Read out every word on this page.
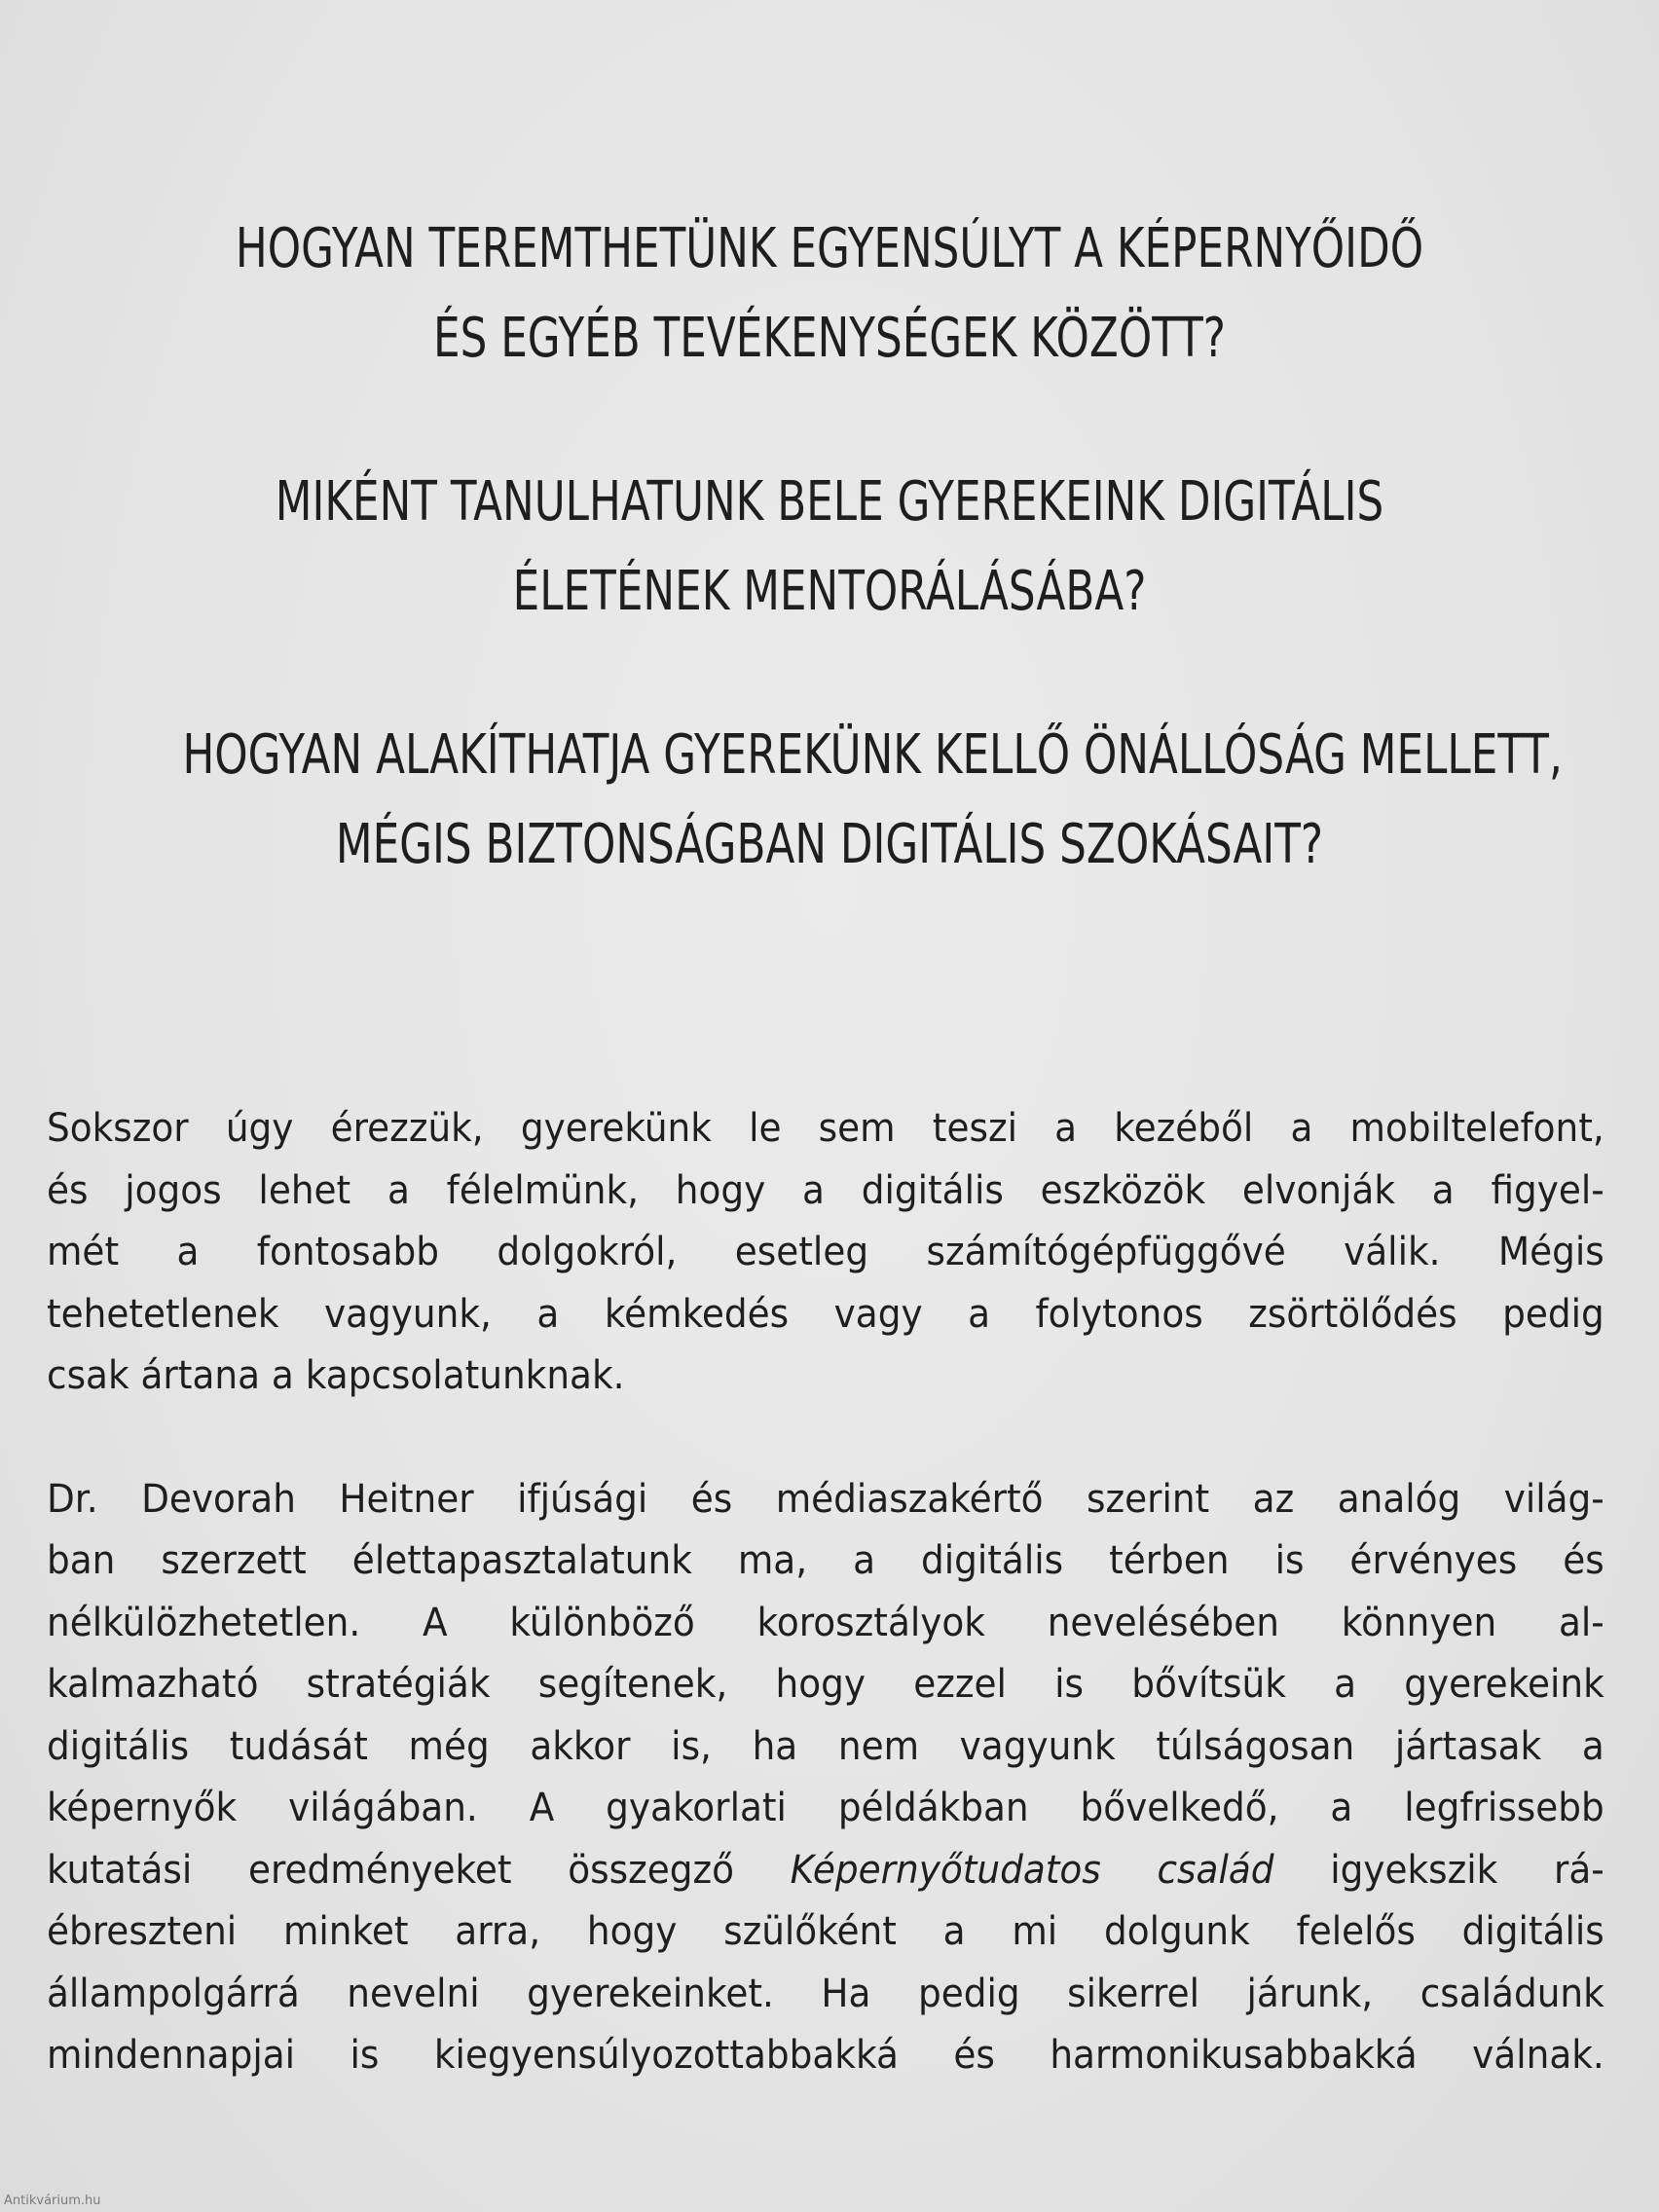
HOGYAN TEREMTHETÜNK EGYENSÚLYT A KÉPERNYŐIDŐ
ÉS EGYÉB TEVÉKENYSÉGEK KÖZÖTT?
MIKÉNT TANULHATUNK BELE GYEREKEINK DIGITÁLIS
ÉLETÉNEK MENTORÁLÁSÁBA?
HOGYAN ALAKÍTHATJA GYEREKÜNK KELLŐ ÖNÁLLÓSÁG MELLETT,
MÉGIS BIZTONSÁGBAN DIGITÁLIS SZOKÁSAIT?
Sokszor úgy érezzük, gyerekünk le sem teszi a kezéből a mobiltelefont,
és jogos lehet a félelmünk, hogy a digitális eszközök elvonják a figyel-
mét a fontosabb dolgokról, esetleg számítógépfüggővé válik. Mégis
tehetetlenek vagyunk, a kémkedés vagy a folytonos zsörtölődés pedig
csak ártana a kapcsolatunknak.
Dr. Devorah Heitner ifjúsági és médiaszakértő szerint az analóg világ-
ban szerzett élettapasztalatunk ma, a digitális térben is érvényes és
nélkülözhetetlen. A különböző korosztályok nevelésében könnyen al-
kalmazható stratégiák segítenek, hogy ezzel is bővítsük a gyerekeink
digitális tudását még akkor is, ha nem vagyunk túlságosan jártasak a
képernyők világában. A gyakorlati példákban bővelkedő, a legfrissebb
kutatási eredményeket összegző Képernyőtudatos család igyekszik rá-
ébreszteni minket arra, hogy szülőként a mi dolgunk felelős digitális
állampolgárrá nevelni gyerekeinket. Ha pedig sikerrel járunk, családunk
mindennapjai is kiegyensúlyozottabbakká és harmonikusabbakká válnak.
Antikvárium.hu
